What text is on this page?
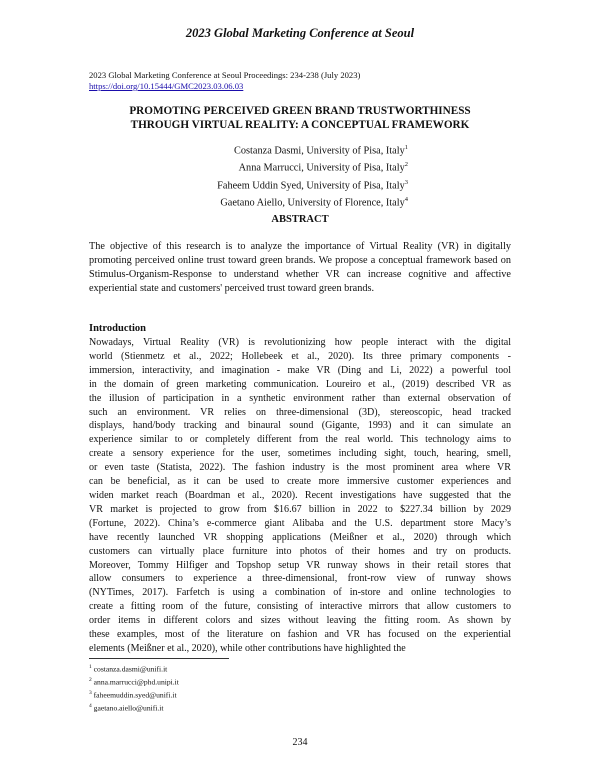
2023 Global Marketing Conference at Seoul
2023 Global Marketing Conference at Seoul Proceedings: 234-238 (July 2023)
https://doi.org/10.15444/GMC2023.03.06.03
PROMOTING PERCEIVED GREEN BRAND TRUSTWORTHINESS
THROUGH VIRTUAL REALITY: A CONCEPTUAL FRAMEWORK
Costanza Dasmi, University of Pisa, Italy$^1$
Anna Marrucci, University of Pisa, Italy$^2$
Faheem Uddin Syed, University of Pisa, Italy$^3$
Gaetano Aiello, University of Florence, Italy$^4$
ABSTRACT
The objective of this research is to analyze the importance of Virtual Reality (VR) in digitally promoting perceived online trust toward green brands. We propose a conceptual framework based on Stimulus-Organism-Response to understand whether VR can increase cognitive and affective experiential state and customers' perceived trust toward green brands.
Introduction
Nowadays, Virtual Reality (VR) is revolutionizing how people interact with the digital
world (Stienmetz et al., 2022; Hollebeek et al., 2020). Its three primary components -
immersion, interactivity, and imagination - make VR (Ding and Li, 2022) a powerful tool
in the domain of green marketing communication. Loureiro et al., (2019) described VR as
the illusion of participation in a synthetic environment rather than external observation of
such an environment. VR relies on three-dimensional (3D), stereoscopic, head tracked
displays, hand/body tracking and binaural sound (Gigante, 1993) and it can simulate an
experience similar to or completely different from the real world. This technology aims to
create a sensory experience for the user, sometimes including sight, touch, hearing, smell,
or even taste (Statista, 2022). The fashion industry is the most prominent area where VR
can be beneficial, as it can be used to create more immersive customer experiences and
widen market reach (Boardman et al., 2020). Recent investigations have suggested that the
VR market is projected to grow from $16.67 billion in 2022 to $227.34 billion by 2029
(Fortune, 2022). China’s e-commerce giant Alibaba and the U.S. department store Macy’s
have recently launched VR shopping applications (Meißner et al., 2020) through which
customers can virtually place furniture into photos of their homes and try on products.
Moreover, Tommy Hilfiger and Topshop setup VR runway shows in their retail stores that
allow consumers to experience a three-dimensional, front-row view of runway shows
(NYTimes, 2017). Farfetch is using a combination of in-store and online technologies to
create a fitting room of the future, consisting of interactive mirrors that allow customers to
order items in different colors and sizes without leaving the fitting room. As shown by
these examples, most of the literature on fashion and VR has focused on the experiential
elements (Meißner et al., 2020), while other contributions have highlighted the
$^1$ costanza.dasmi@unifi.it
$^2$ anna.marrucci@phd.unipi.it
$^3$ faheemuddin.syed@unifi.it
$^4$ gaetano.aiello@unifi.it
234
